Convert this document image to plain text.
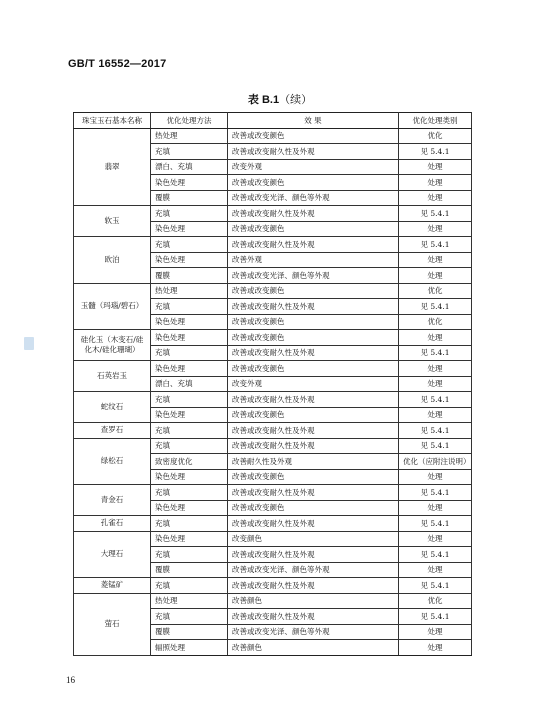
GB/T 16552—2017
表 B.1（续）
珠宝玉石基本名称	优化处理方法	效 果	优化处理类别
翡翠	热处理	改善或改变颜色	优化
	充填	改善或改变耐久性及外观	见 5.4.1
	漂白、充填	改变外观	处理
	染色处理	改善或改变颜色	处理
	覆膜	改善或改变光泽、颜色等外观	处理
软玉	充填	改善或改变耐久性及外观	见 5.4.1
	染色处理	改善或改变颜色	处理
欧泊	充填	改善或改变耐久性及外观	见 5.4.1
	染色处理	改善外观	处理
	覆膜	改善或改变光泽、颜色等外观	处理
玉髓（玛瑙/碧石）	热处理	改善或改变颜色	优化
	充填	改善或改变耐久性及外观	见 5.4.1
	染色处理	改善或改变颜色	优化
硅化玉（木变石/硅化木/硅化珊瑚）	染色处理	改善或改变颜色	处理
	充填	改善或改变耐久性及外观	见 5.4.1
石英岩玉	染色处理	改善或改变颜色	处理
	漂白、充填	改变外观	处理
蛇纹石	充填	改善或改变耐久性及外观	见 5.4.1
	染色处理	改善或改变颜色	处理
查罗石	充填	改善或改变耐久性及外观	见 5.4.1
绿松石	充填	改善或改变耐久性及外观	见 5.4.1
	致密度优化	改善耐久性及外观	优化（应附注说明）
	染色处理	改善或改变颜色	处理
青金石	充填	改善或改变耐久性及外观	见 5.4.1
	染色处理	改善或改变颜色	处理
孔雀石	充填	改善或改变耐久性及外观	见 5.4.1
大理石	染色处理	改变颜色	处理
	充填	改善或改变耐久性及外观	见 5.4.1
	覆膜	改善或改变光泽、颜色等外观	处理
菱锰矿	充填	改善或改变耐久性及外观	见 5.4.1
萤石	热处理	改善颜色	优化
	充填	改善或改变耐久性及外观	见 5.4.1
	覆膜	改善或改变光泽、颜色等外观	处理
	辐照处理	改善颜色	处理
16
